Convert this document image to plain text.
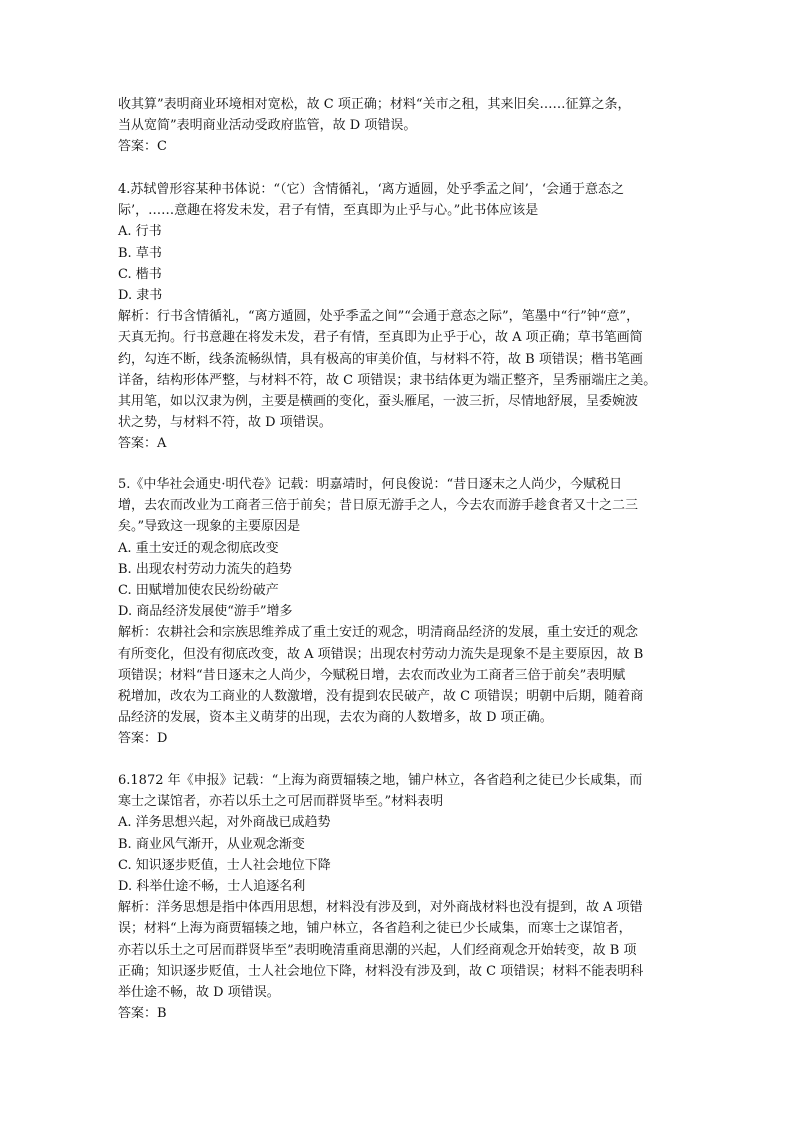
收其算”表明商业环境相对宽松，故 C 项正确；材料“关市之租，其来旧矣……征算之条，
当从宽简”表明商业活动受政府监管，故 D 项错误。
答案：C
4.苏轼曾形容某种书体说：“（它）含情循礼，‘离方遁圆，处乎季孟之间’，‘会通于意态之
际’，……意趣在将发未发，君子有情，至真即为止乎与心。”此书体应该是
A. 行书
B. 草书
C. 楷书
D. 隶书
解析：行书含情循礼，“离方遁圆，处乎季孟之间”“会通于意态之际”，笔墨中“行”钟“意”，
天真无拘。行书意趣在将发未发，君子有情，至真即为止乎于心，故 A 项正确；草书笔画简
约，勾连不断，线条流畅纵情，具有极高的审美价值，与材料不符，故 B 项错误；楷书笔画
详备，结构形体严整，与材料不符，故 C 项错误；隶书结体更为端正整齐，呈秀丽端庄之美。
其用笔，如以汉隶为例，主要是横画的变化，蚕头雁尾，一波三折，尽情地舒展，呈委婉波
状之势，与材料不符，故 D 项错误。
答案：A
5.《中华社会通史·明代卷》记载：明嘉靖时，何良俊说：“昔日逐末之人尚少，今赋税日
增，去农而改业为工商者三倍于前矣；昔日原无游手之人，今去农而游手趁食者又十之二三
矣。”导致这一现象的主要原因是
A. 重土安迁的观念彻底改变
B. 出现农村劳动力流失的趋势
C. 田赋增加使农民纷纷破产
D. 商品经济发展使“游手”增多
解析：农耕社会和宗族思维养成了重土安迁的观念，明清商品经济的发展，重土安迁的观念
有所变化，但没有彻底改变，故 A 项错误；出现农村劳动力流失是现象不是主要原因，故 B
项错误；材料“昔日逐末之人尚少，今赋税日增，去农而改业为工商者三倍于前矣”表明赋
税增加，改农为工商业的人数激增，没有提到农民破产，故 C 项错误；明朝中后期，随着商
品经济的发展，资本主义萌芽的出现，去农为商的人数增多，故 D 项正确。
答案：D
6.1872 年《申报》记载：“上海为商贾辐辏之地，铺户林立，各省趋利之徒已少长咸集，而
寒士之谋馆者，亦若以乐土之可居而群贤毕至。”材料表明
A. 洋务思想兴起，对外商战已成趋势
B. 商业风气渐开，从业观念渐变
C. 知识逐步贬值，士人社会地位下降
D. 科举仕途不畅，士人追逐名利
解析：洋务思想是指中体西用思想，材料没有涉及到，对外商战材料也没有提到，故 A 项错
误；材料“上海为商贾辐辏之地，铺户林立，各省趋利之徒已少长咸集，而寒士之谋馆者，
亦若以乐土之可居而群贤毕至”表明晚清重商思潮的兴起，人们经商观念开始转变，故 B 项
正确；知识逐步贬值，士人社会地位下降，材料没有涉及到，故 C 项错误；材料不能表明科
举仕途不畅，故 D 项错误。
答案：B
